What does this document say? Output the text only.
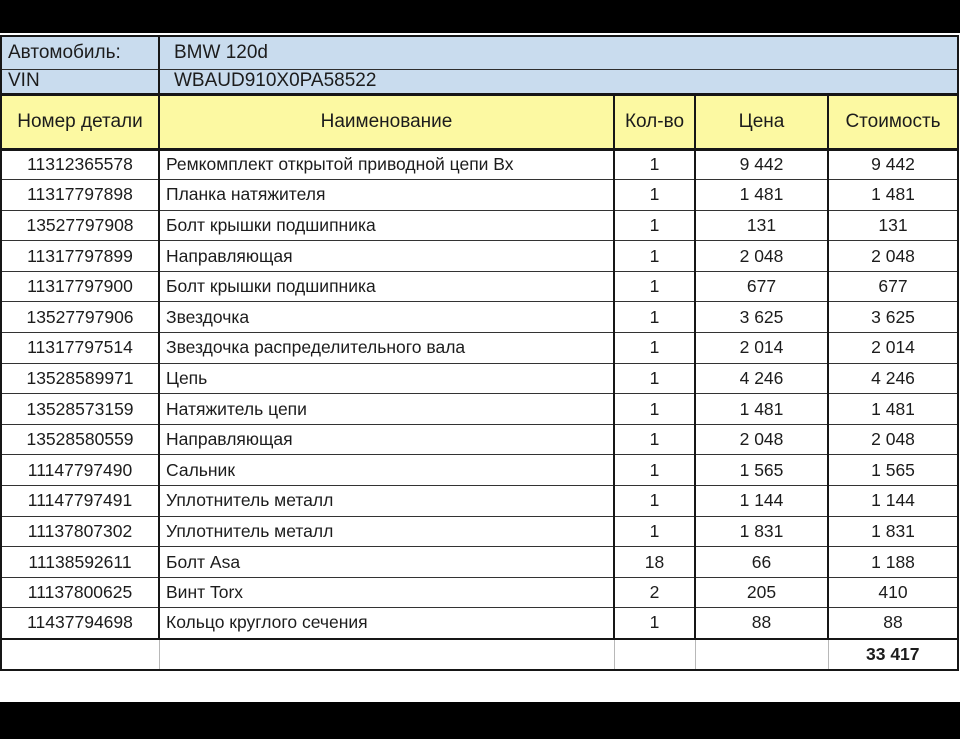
Автомобиль:	BMW 120d			
VIN	WBAUD910X0PA58522			
Номер детали	Наименование	Кол-во	Цена	Стоимость
11312365578	Ремкомплект открытой приводной цепи Вх	1	9 442	9 442
11317797898	Планка натяжителя	1	1 481	1 481
13527797908	Болт крышки подшипника	1	131	131
11317797899	Направляющая	1	2 048	2 048
11317797900	Болт крышки подшипника	1	677	677
13527797906	Звездочка	1	3 625	3 625
11317797514	Звездочка распределительного вала	1	2 014	2 014
13528589971	Цепь	1	4 246	4 246
13528573159	Натяжитель цепи	1	1 481	1 481
13528580559	Направляющая	1	2 048	2 048
11147797490	Сальник	1	1 565	1 565
11147797491	Уплотнитель металл	1	1 144	1 144
11137807302	Уплотнитель металл	1	1 831	1 831
11138592611	Болт Asa	18	66	1 188
11137800625	Винт Torx	2	205	410
11437794698	Кольцо круглого сечения	1	88	88
				33 417
